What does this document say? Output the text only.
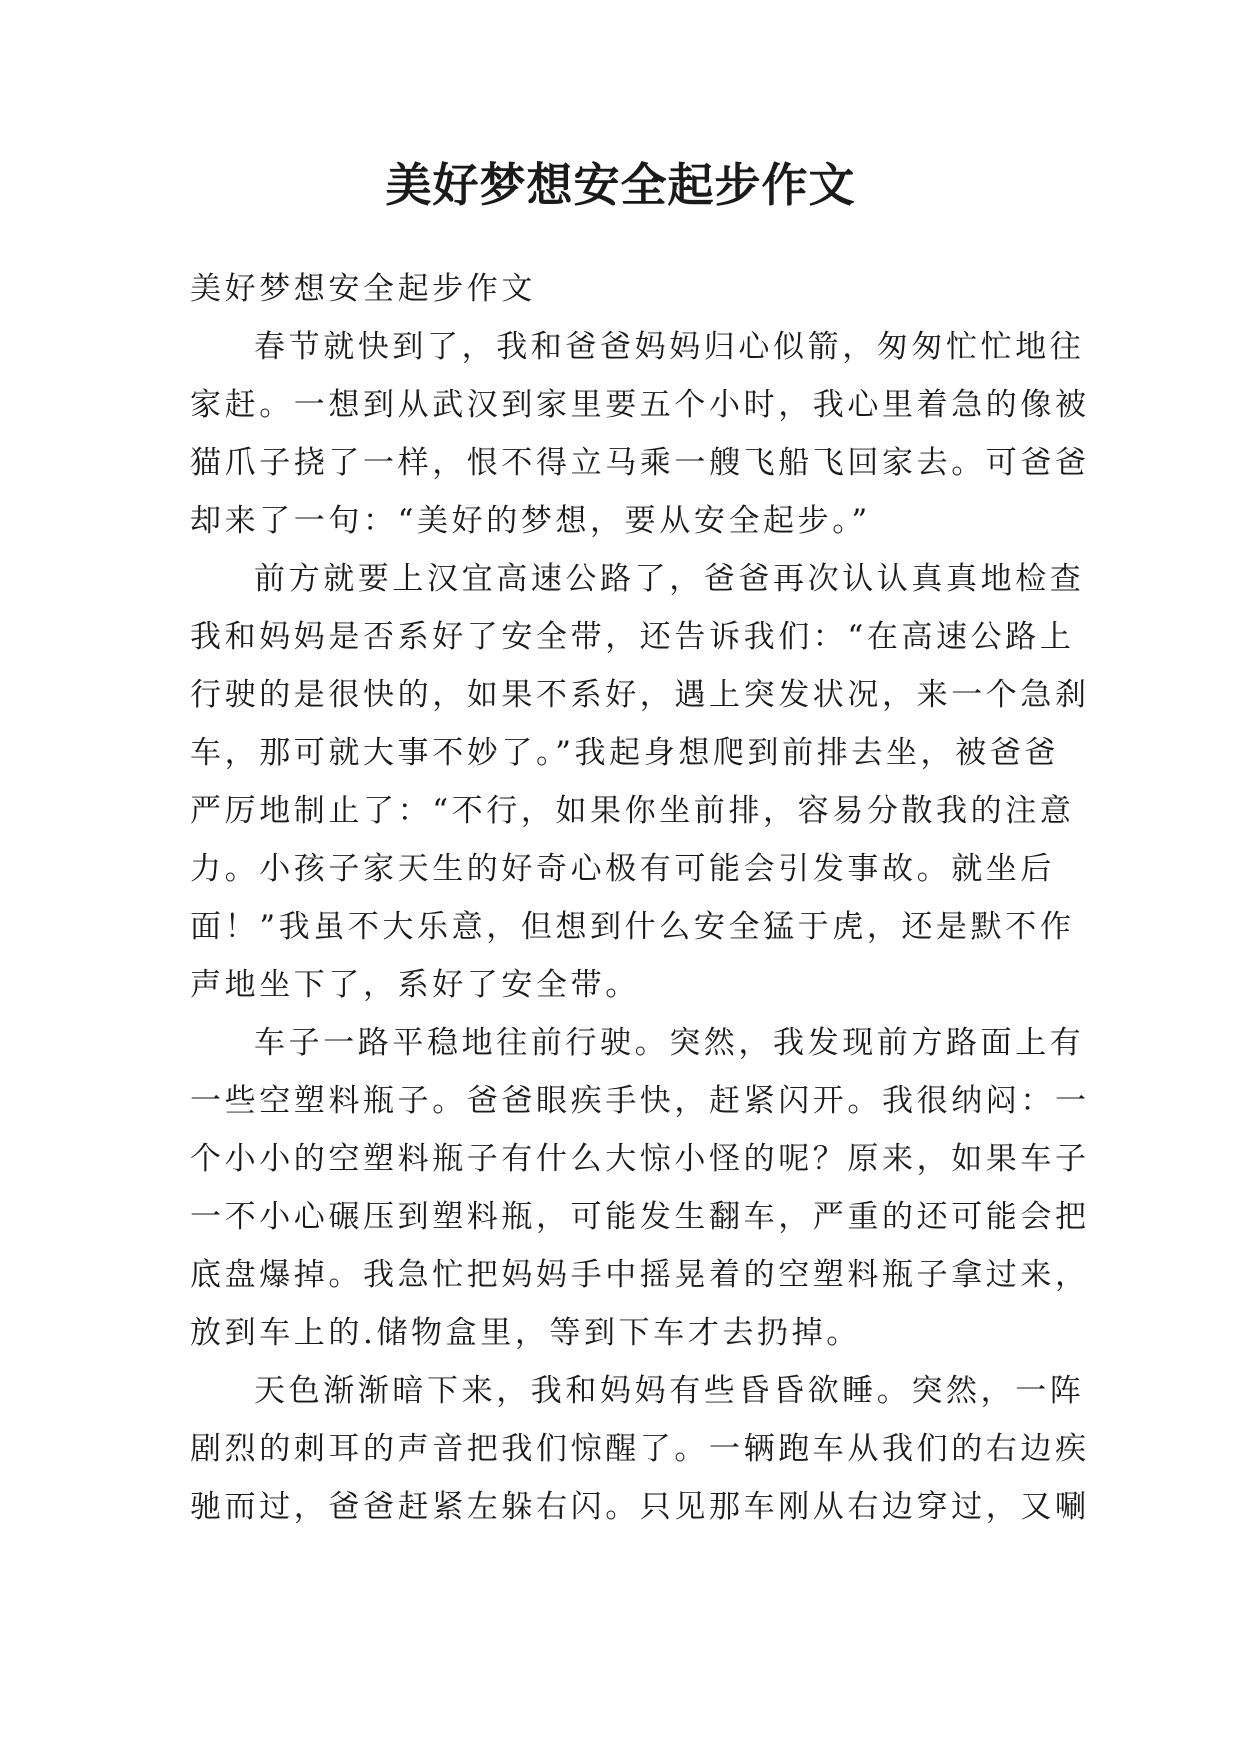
美好梦想安全起步作文
美好梦想安全起步作文
春节就快到了，我和爸爸妈妈归心似箭，匆匆忙忙地往
家赶。一想到从武汉到家里要五个小时，我心里着急的像被
猫爪子挠了一样，恨不得立马乘一艘飞船飞回家去。可爸爸
却来了一句：“美好的梦想，要从安全起步。”
前方就要上汉宜高速公路了，爸爸再次认认真真地检查
我和妈妈是否系好了安全带，还告诉我们：“在高速公路上
行驶的是很快的，如果不系好，遇上突发状况，来一个急刹
车，那可就大事不妙了。”我起身想爬到前排去坐，被爸爸
严厉地制止了：“不行，如果你坐前排，容易分散我的注意
力。小孩子家天生的好奇心极有可能会引发事故。就坐后
面！”我虽不大乐意，但想到什么安全猛于虎，还是默不作
声地坐下了，系好了安全带。
车子一路平稳地往前行驶。突然，我发现前方路面上有
一些空塑料瓶子。爸爸眼疾手快，赶紧闪开。我很纳闷：一
个小小的空塑料瓶子有什么大惊小怪的呢？原来，如果车子
一不小心碾压到塑料瓶，可能发生翻车，严重的还可能会把
底盘爆掉。我急忙把妈妈手中摇晃着的空塑料瓶子拿过来，
放到车上的.储物盒里，等到下车才去扔掉。
天色渐渐暗下来，我和妈妈有些昏昏欲睡。突然，一阵
剧烈的刺耳的声音把我们惊醒了。一辆跑车从我们的右边疾
驰而过，爸爸赶紧左躲右闪。只见那车刚从右边穿过，又唰
